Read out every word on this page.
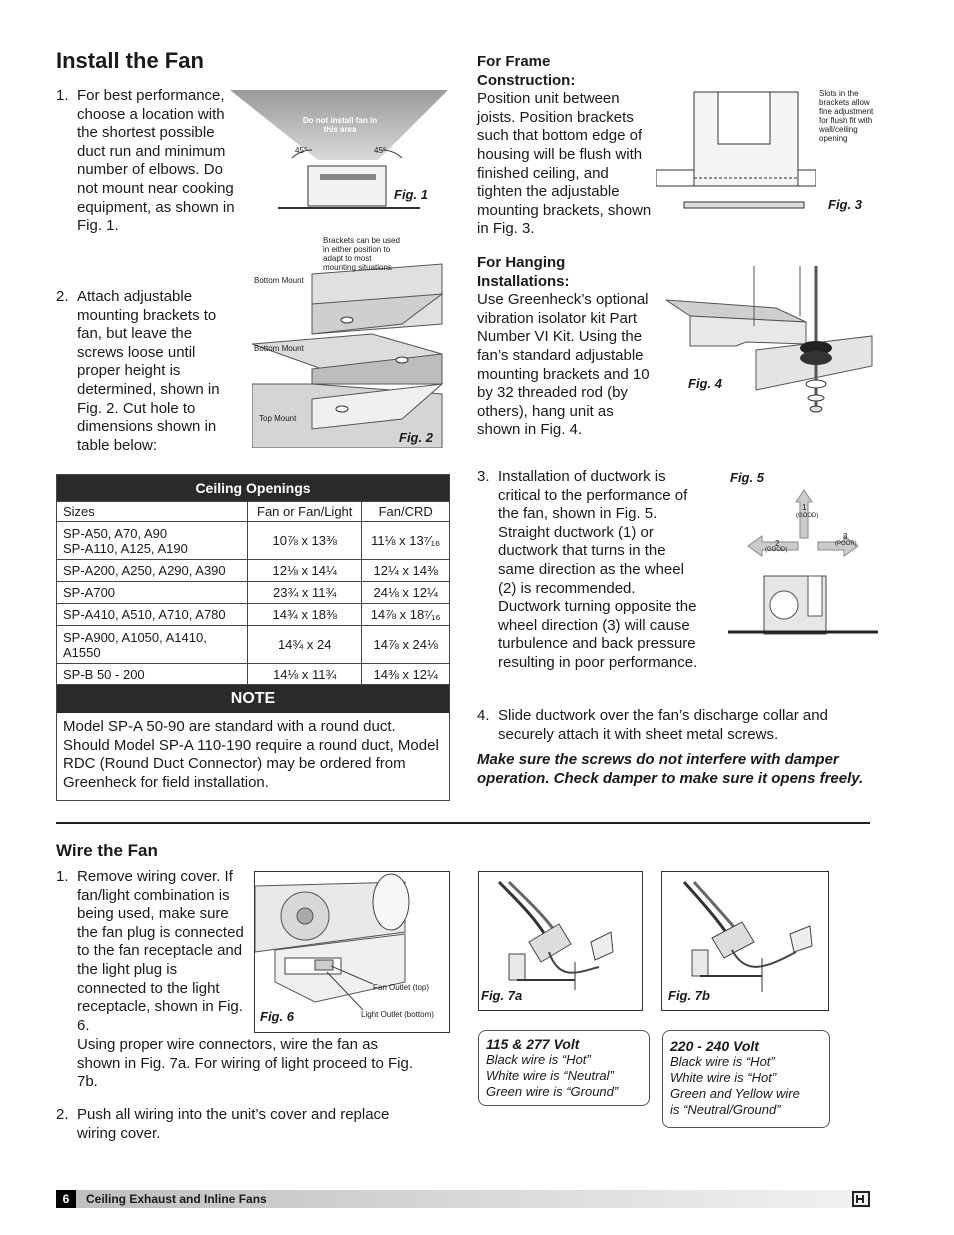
Install the Fan
1. For best performance, choose a location with the shortest possible duct run and minimum number of elbows. Do not mount near cooking equipment, as shown in Fig. 1.
2. Attach adjustable mounting brackets to fan, but leave the screws loose until proper height is determined, shown in Fig. 2. Cut hole to dimensions shown in table below:
Do not install fan in this area
45°	45°
Fig. 1
Brackets can be used in either position to adapt to most mounting situations
Bottom Mount
Bottom Mount
Top Mount
Fig. 2
Ceiling Openings		
Sizes	Fan or Fan/Light	Fan/CRD
SP-A50, A70, A90
SP-A110, A125, A190	10⅞ x 13⅜	11⅛ x 13⁷⁄₁₆
SP-A200, A250, A290, A390	12⅛ x 14¼	12¼ x 14⅜
SP-A700	23¾ x 11¾	24⅛ x 12¼
SP-A410, A510, A710, A780	14¾ x 18⅜	14⅞ x 18⁷⁄₁₆
SP-A900, A1050, A1410,
A1550	14¾ x 24	14⅞ x 24⅛
SP-B 50 - 200	14⅛ x 11¾	14⅜ x 12¼
NOTE
Model SP-A 50-90 are standard with a round duct. Should Model SP-A 110-190 require a round duct, Model RDC (Round Duct Connector) may be ordered from Greenheck for field installation.
For Frame Construction:
Position unit between joists. Position brackets such that bottom edge of housing will be flush with finished ceiling, and tighten the adjustable mounting brackets, shown in Fig. 3.
Slots in the brackets allow fine adjustment for flush fit with wall/ceiling opening
Fig. 3
For Hanging Installations:
Use Greenheck’s optional vibration isolator kit Part Number VI Kit. Using the fan’s standard adjustable mounting brackets and 10 by 32 threaded rod (by others), hang unit as shown in Fig. 4.
Fig. 4
3. Installation of ductwork is critical to the performance of the fan, shown in Fig. 5. Straight ductwork (1) or ductwork that turns in the same direction as the wheel (2) is recommended. Ductwork turning opposite the wheel direction (3) will cause turbulence and back pressure resulting in poor performance.
Fig. 5
1
(GOOD)
2
(GOOD)
3
(POOR)
4. Slide ductwork over the fan’s discharge collar and securely attach it with sheet metal screws.
Make sure the screws do not interfere with damper operation. Check damper to make sure it opens freely.
Wire the Fan
1. Remove wiring cover. If fan/light combination is being used, make sure the fan plug is connected to the fan receptacle and the light plug is connected to the light receptacle, shown in Fig. 6.
Using proper wire connectors, wire the fan as shown in Fig. 7a. For wiring of light proceed to Fig. 7b.
2. Push all wiring into the unit’s cover and replace wiring cover.
Fan Outlet (top)
Light Outlet (bottom)
Fig. 6
Fig. 7a	Fig. 7b
115 & 277 Volt
Black wire is “Hot”
White wire is “Neutral”
Green wire is “Ground”
220 - 240 Volt
Black wire is “Hot”
White wire is “Hot”
Green and Yellow wire
is “Neutral/Ground”
6	Ceiling Exhaust and Inline Fans
